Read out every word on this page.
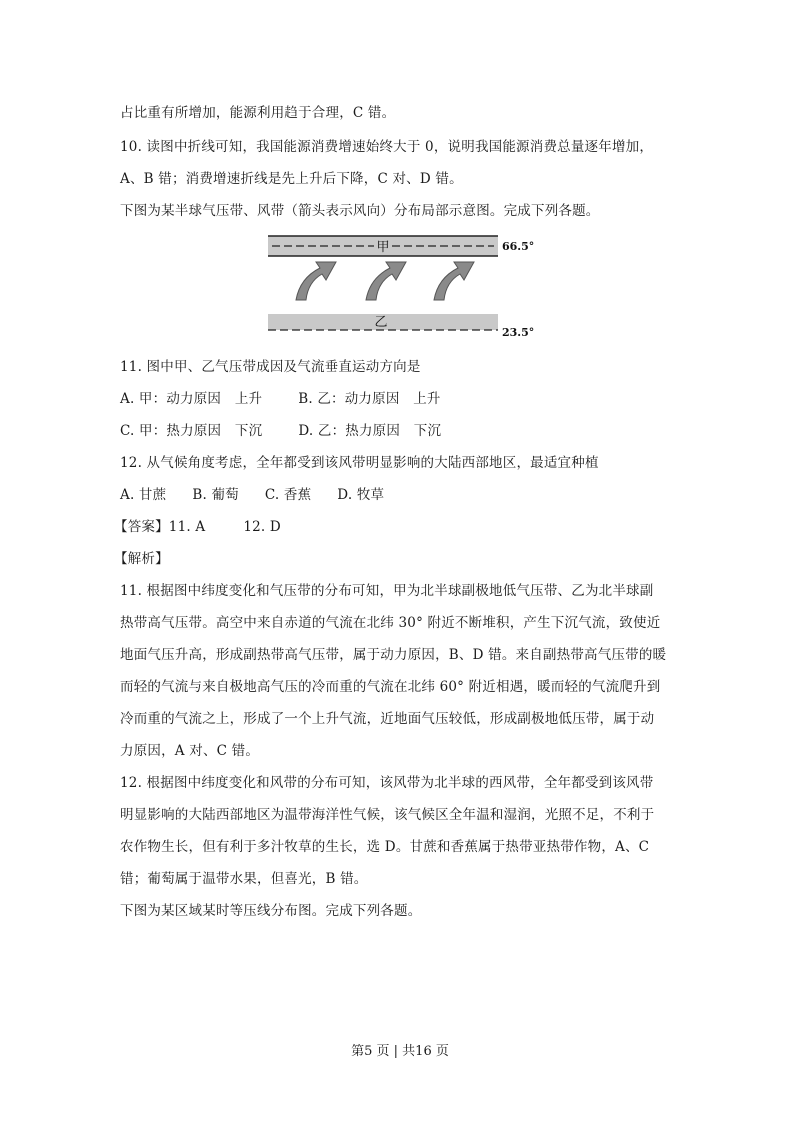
占比重有所增加，能源利用趋于合理，C 错。
10. 读图中折线可知，我国能源消费增速始终大于 0，说明我国能源消费总量逐年增加，
A、B 错；消费增速折线是先上升后下降，C 对、D 错。
下图为某半球气压带、风带（箭头表示风向）分布局部示意图。完成下列各题。
甲	66.5°
乙
23.5°
11. 图中甲、乙气压带成因及气流垂直运动方向是
A. 甲：动力原因　上升	B. 乙：动力原因　上升
C. 甲：热力原因　下沉	D. 乙：热力原因　下沉
12. 从气候角度考虑，全年都受到该风带明显影响的大陆西部地区，最适宜种植
A. 甘蔗 B. 葡萄 C. 香蕉 D. 牧草
【答案】11. A	12. D
【解析】
11. 根据图中纬度变化和气压带的分布可知，甲为北半球副极地低气压带、乙为北半球副
热带高气压带。高空中来自赤道的气流在北纬 30° 附近不断堆积，产生下沉气流，致使近
地面气压升高，形成副热带高气压带，属于动力原因，B、D 错。来自副热带高气压带的暖
而轻的气流与来自极地高气压的冷而重的气流在北纬 60° 附近相遇，暖而轻的气流爬升到
冷而重的气流之上，形成了一个上升气流，近地面气压较低，形成副极地低压带，属于动
力原因，A 对、C 错。
12. 根据图中纬度变化和风带的分布可知，该风带为北半球的西风带，全年都受到该风带
明显影响的大陆西部地区为温带海洋性气候，该气候区全年温和湿润，光照不足，不利于
农作物生长，但有利于多汁牧草的生长，选 D。甘蔗和香蕉属于热带亚热带作物，A、C
错；葡萄属于温带水果，但喜光，B 错。
下图为某区域某时等压线分布图。完成下列各题。
第5 页 | 共16 页
